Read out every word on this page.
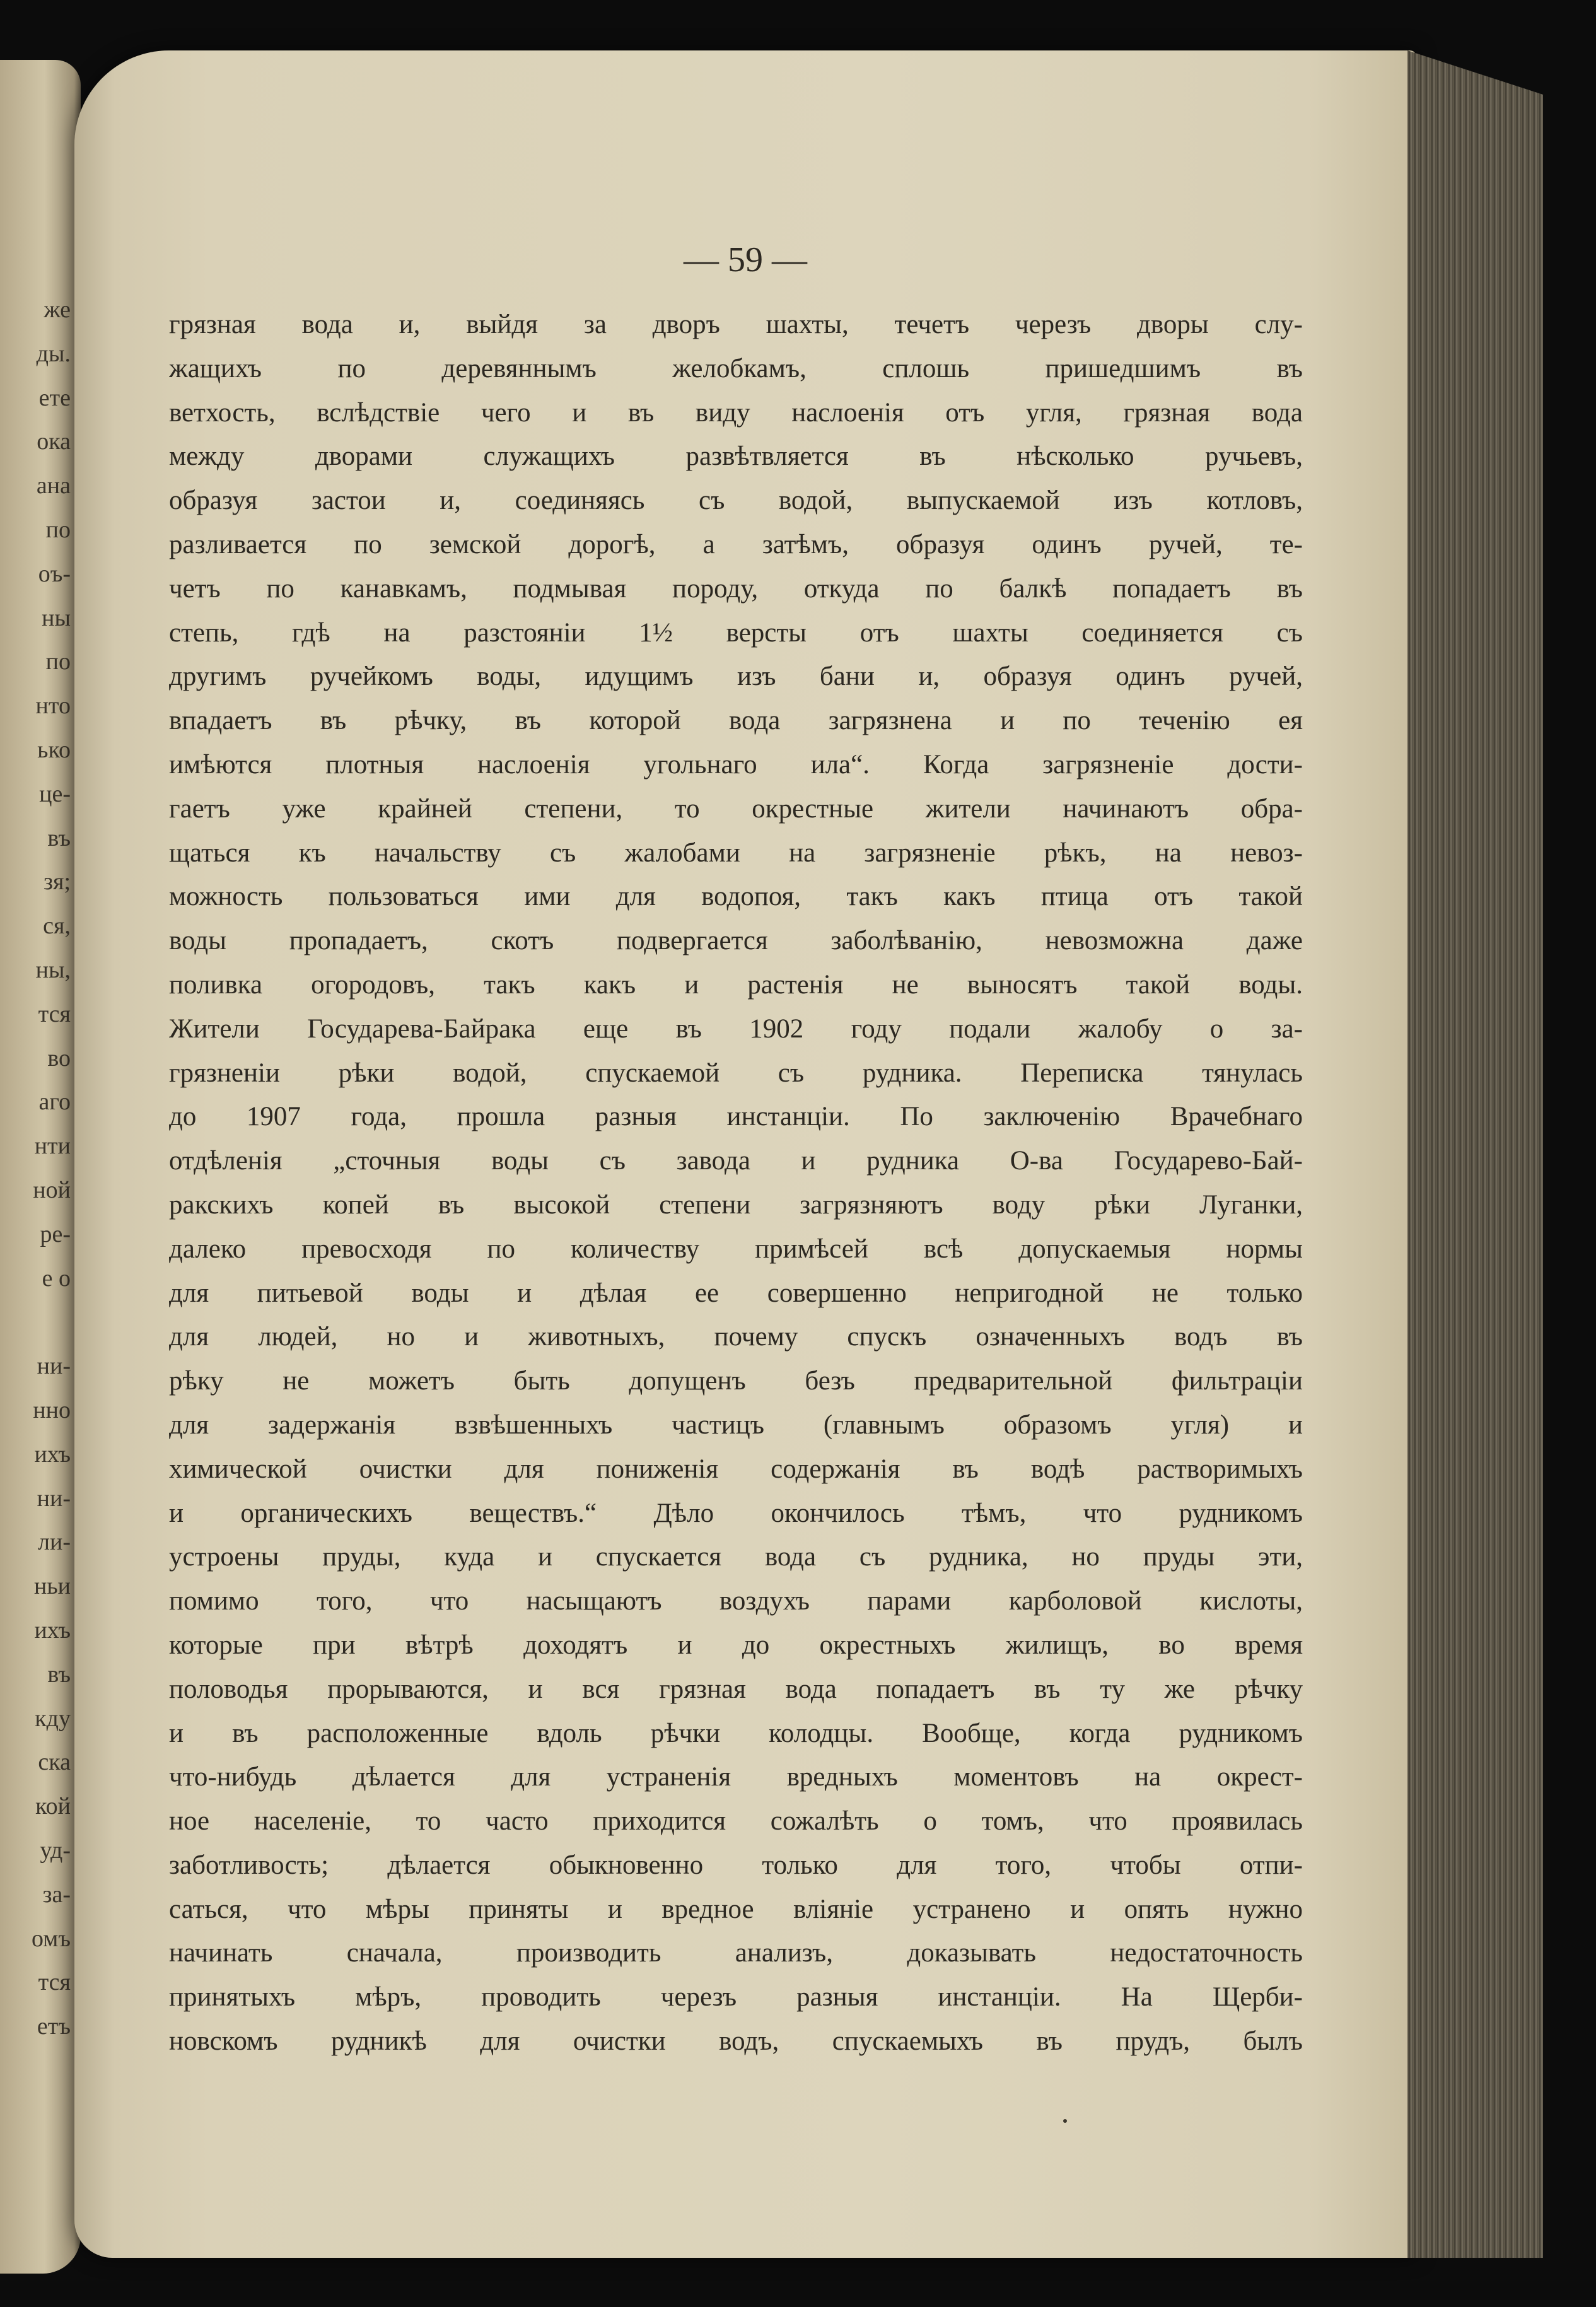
же
ды.
ете
ока
ана
по
оъ-
ны
по
нто
ько
це-
въ
зя;
ся,
ны,
тся
во
аго
нти
ной
ре-
е о
ни-
нно
ихъ
ни-
ли-
ньи
ихъ
въ
кду
ска
кой
уд-
за-
омъ
тся
етъ
— 59 —
грязная вода и, выйдя за дворъ шахты, течетъ черезъ дворы слу-
жащихъ по деревяннымъ желобкамъ, сплошь пришедшимъ въ
ветхость, вслѣдствіе чего и въ виду наслоенія отъ угля, грязная вода
между дворами служащихъ развѣтвляется въ нѣсколько ручьевъ,
образуя застои и, соединяясь съ водой, выпускаемой изъ котловъ,
разливается по земской дорогѣ, а затѣмъ, образуя одинъ ручей, те-
четъ по канавкамъ, подмывая породу, откуда по балкѣ попадаетъ въ
степь, гдѣ на разстояніи 1½ версты отъ шахты соединяется съ
другимъ ручейкомъ воды, идущимъ изъ бани и, образуя одинъ ручей,
впадаетъ въ рѣчку, въ которой вода загрязнена и по теченію ея
имѣются плотныя наслоенія угольнаго ила“. Когда загрязненіе дости-
гаетъ уже крайней степени, то окрестные жители начинаютъ обра-
щаться къ начальству съ жалобами на загрязненіе рѣкъ, на невоз-
можность пользоваться ими для водопоя, такъ какъ птица отъ такой
воды пропадаетъ, скотъ подвергается заболѣванію, невозможна даже
поливка огородовъ, такъ какъ и растенія не выносятъ такой воды.
Жители Государева-Байрака еще въ 1902 году подали жалобу о за-
грязненіи рѣки водой, спускаемой съ рудника. Переписка тянулась
до 1907 года, прошла разныя инстанціи. По заключенію Врачебнаго
отдѣленія „сточныя воды съ завода и рудника О-ва Государево-Бай-
ракскихъ копей въ высокой степени загрязняютъ воду рѣки Луганки,
далеко превосходя по количеству примѣсей всѣ допускаемыя нормы
для питьевой воды и дѣлая ее совершенно непригодной не только
для людей, но и животныхъ, почему спускъ означенныхъ водъ въ
рѣку не можетъ быть допущенъ безъ предварительной фильтраціи
для задержанія взвѣшенныхъ частицъ (главнымъ образомъ угля) и
химической очистки для пониженія содержанія въ водѣ растворимыхъ
и органическихъ веществъ.“ Дѣло окончилось тѣмъ, что рудникомъ
устроены пруды, куда и спускается вода съ рудника, но пруды эти,
помимо того, что насыщаютъ воздухъ парами карболовой кислоты,
которые при вѣтрѣ доходятъ и до окрестныхъ жилищъ, во время
половодья прорываются, и вся грязная вода попадаетъ въ ту же рѣчку
и въ расположенные вдоль рѣчки колодцы. Вообще, когда рудникомъ
что-нибудь дѣлается для устраненія вредныхъ моментовъ на окрест-
ное населеніе, то часто приходится сожалѣть о томъ, что проявилась
заботливость; дѣлается обыкновенно только для того, чтобы отпи-
саться, что мѣры приняты и вредное вліяніе устранено и опять нужно
начинать сначала, производить анализъ, доказывать недостаточность
принятыхъ мѣръ, проводить черезъ разныя инстанціи. На Щерби-
новскомъ рудникѣ для очистки водъ, спускаемыхъ въ прудъ, былъ
